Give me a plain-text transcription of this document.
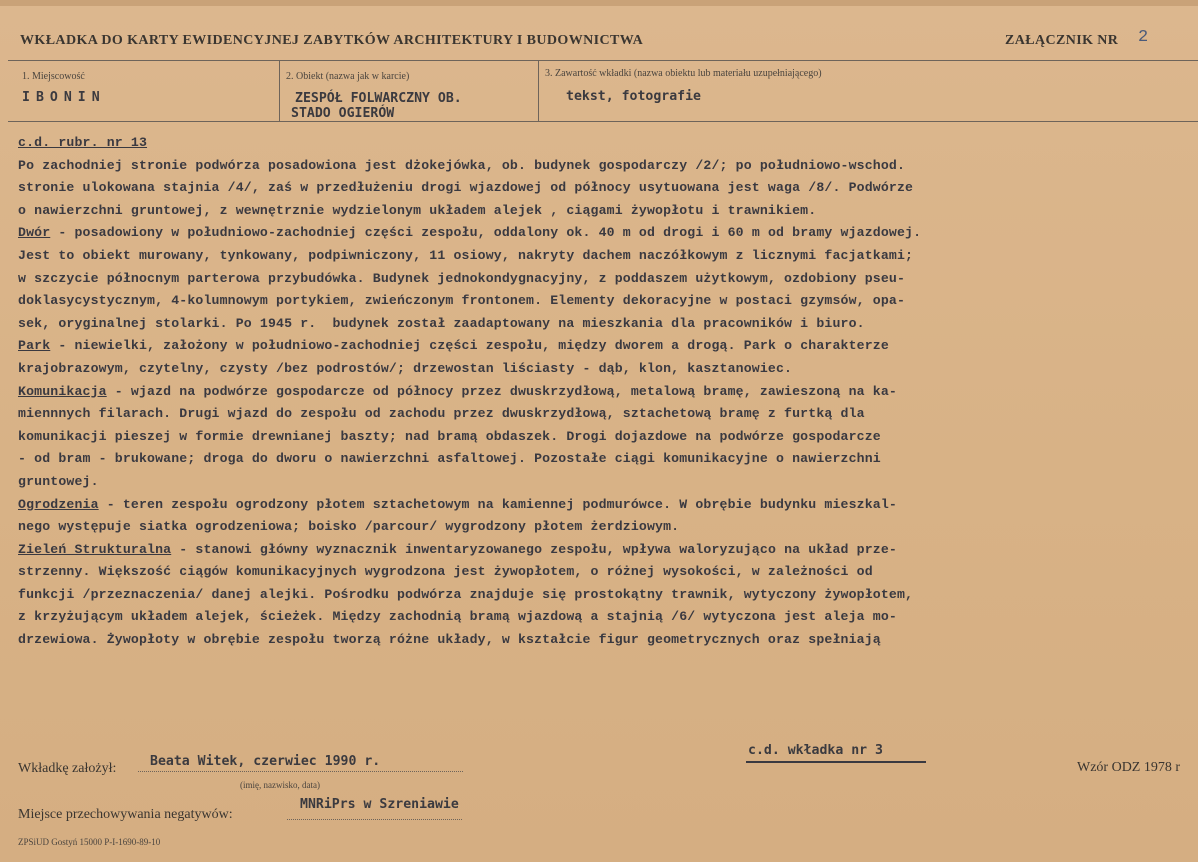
WKŁADKA DO KARTY EWIDENCYJNEJ ZABYTKÓW ARCHITEKTURY I BUDOWNICTWA	ZAŁĄCZNIK NR 2
1. Miejscowość
IBONIN
2. Obiekt (nazwa jak w karcie)
ZESPÓŁ FOLWARCZNY OB.
STADO OGIERÓW
3. Zawartość wkładki (nazwa obiektu lub materiału uzupełniającego)
tekst, fotografie
c.d. rubr. nr 13
Po zachodniej stronie podwórza posadowiona jest dżokejówka, ob. budynek gospodarczy /2/; po południowo-wschod.
stronie ulokowana stajnia /4/, zaś w przedłużeniu drogi wjazdowej od północy usytuowana jest waga /8/. Podwórze
o nawierzchni gruntowej, z wewnętrznie wydzielonym układem alejek , ciągami żywopłotu i trawnikiem.
Dwór - posadowiony w południowo-zachodniej części zespołu, oddalony ok. 40 m od drogi i 60 m od bramy wjazdowej.
Jest to obiekt murowany, tynkowany, podpiwniczony, 11 osiowy, nakryty dachem naczółkowym z licznymi facjatkami;
w szczycie północnym parterowa przybudówka. Budynek jednokondygnacyjny, z poddaszem użytkowym, ozdobiony pseu-
doklasycystycznym, 4-kolumnowym portykiem, zwieńczonym frontonem. Elementy dekoracyjne w postaci gzymsów, opa-
sek, oryginalnej stolarki. Po 1945 r.  budynek został zaadaptowany na mieszkania dla pracowników i biuro.
Park - niewielki, założony w południowo-zachodniej części zespołu, między dworem a drogą. Park o charakterze
krajobrazowym, czytelny, czysty /bez podrostów/; drzewostan liściasty - dąb, klon, kasztanowiec.
Komunikacja - wjazd na podwórze gospodarcze od północy przez dwuskrzydłową, metalową bramę, zawieszoną na ka-
miennnych filarach. Drugi wjazd do zespołu od zachodu przez dwuskrzydłową, sztachetową bramę z furtką dla
komunikacji pieszej w formie drewnianej baszty; nad bramą obdaszek. Drogi dojazdowe na podwórze gospodarcze
- od bram - brukowane; droga do dworu o nawierzchni asfaltowej. Pozostałe ciągi komunikacyjne o nawierzchni
gruntowej.
Ogrodzenia - teren zespołu ogrodzony płotem sztachetowym na kamiennej podmurówce. W obrębie budynku mieszkal-
nego występuje siatka ogrodzeniowa; boisko /parcour/ wygrodzony płotem żerdziowym.
Zieleń Strukturalna - stanowi główny wyznacznik inwentaryzowanego zespołu, wpływa waloryzująco na układ prze-
strzenny. Większość ciągów komunikacyjnych wygrodzona jest żywopłotem, o różnej wysokości, w zależności od
funkcji /przeznaczenia/ danej alejki. Pośrodku podwórza znajduje się prostokątny trawnik, wytyczony żywopłotem,
z krzyżującym układem alejek, ścieżek. Między zachodnią bramą wjazdową a stajnią /6/ wytyczona jest aleja mo-
drzewiowa. Żywopłoty w obrębie zespołu tworzą różne układy, w kształcie figur geometrycznych oraz spełniają
Wkładkę założył:	Beata Witek, czerwiec 1990 r.
(imię, nazwisko, data)
c.d. wkładka nr 3
Wzór ODZ 1978 r
Miejsce przechowywania negatywów:
MNRiPrs w Szreniawie
ZPSiUD Gostyń 15000 P-I-1690-89-10
